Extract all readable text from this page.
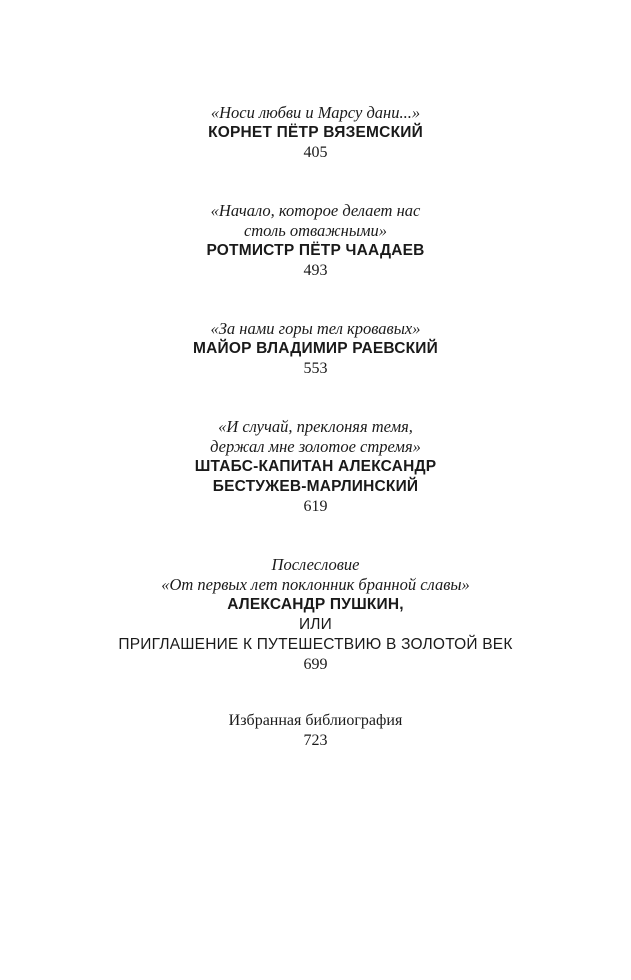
«Носи любви и Марсу дани...»
КОРНЕТ ПЁТР ВЯЗЕМСКИЙ
405
«Начало, которое делает нас
столь отважными»
РОТМИСТР ПЁТР ЧААДАЕВ
493
«За нами горы тел кровавых»
МАЙОР ВЛАДИМИР РАЕВСКИЙ
553
«И случай, преклоняя темя,
держал мне золотое стремя»
ШТАБС-КАПИТАН АЛЕКСАНДР
БЕСТУЖЕВ-МАРЛИНСКИЙ
619
Послесловие
«От первых лет поклонник бранной славы»
АЛЕКСАНДР ПУШКИН,
ИЛИ
ПРИГЛАШЕНИЕ К ПУТЕШЕСТВИЮ В ЗОЛОТОЙ ВЕК
699
Избранная библиография
723
